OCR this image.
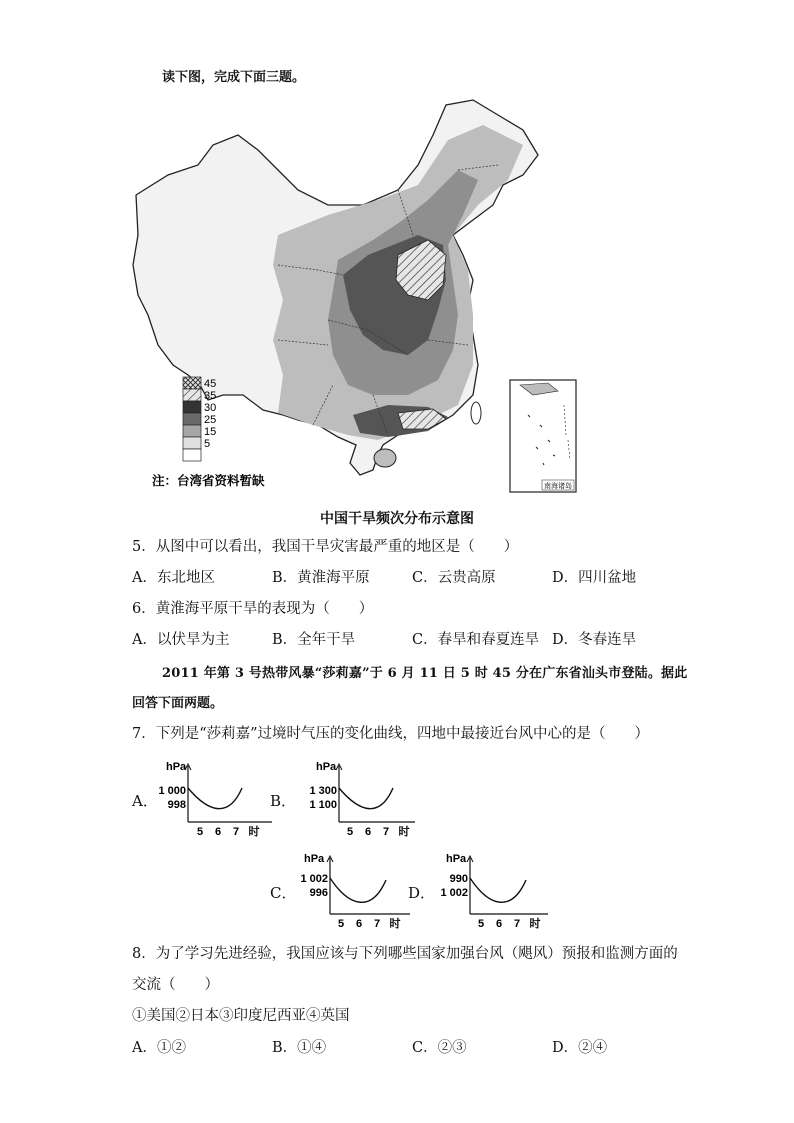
读下图，完成下面三题。
45
35
30
25
15
5
注：台湾省资料暂缺	南海诸岛
中国干旱频次分布示意图
5．从图中可以看出，我国干旱灾害最严重的地区是（　　）
A．东北地区	B．黄淮海平原	C．云贵高原	D．四川盆地
6．黄淮海平原干旱的表现为（　　）
A．以伏旱为主	B．全年干旱	C．春旱和春夏连旱 D．冬春连旱
2011 年第 3 号热带风暴“莎莉嘉”于 6 月 11 日 5 时 45 分在广东省汕头市登陆。据此
回答下面两题。
7．下列是“莎莉嘉”过境时气压的变化曲线，四地中最接近台风中心的是（　　）
A．
hPa
1 000
998
5 6 7 时
B．
hPa
1 300
1 100
5 6 7 时
C．
hPa
1 002
996
5 6 7 时
D．
hPa
990
1 002
5 6 7 时
8．为了学习先进经验，我国应该与下列哪些国家加强台风（飓风）预报和监测方面的
交流（　　）
①美国②日本③印度尼西亚④英国
A．①②	B．①④	C．②③	D．②④
